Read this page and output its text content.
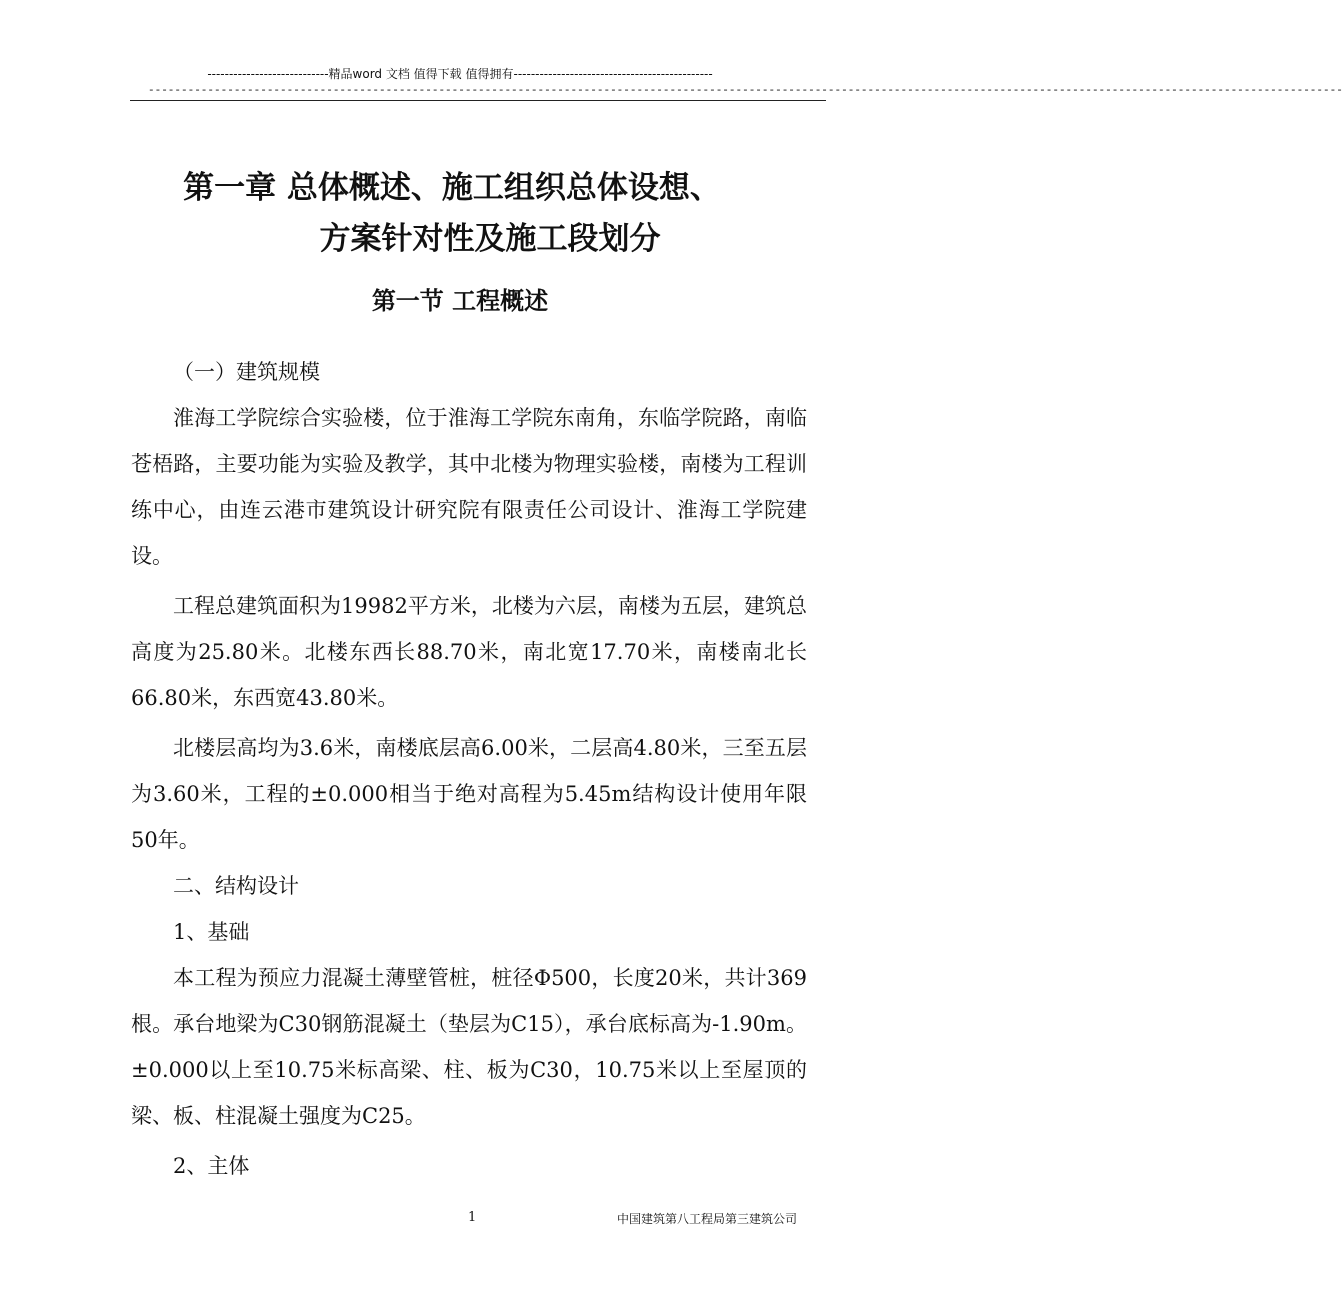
----------------------------精品word 文档 值得下载 值得拥有----------------------------------------------
-------------------------------------------------------------------------------------------------------------------------------------------------------------------------------------
第一章 总体概述、施工组织总体设想、
方案针对性及施工段划分
第一节 工程概述

（一）建筑规模

淮海工学院综合实验楼，位于淮海工学院东南角，东临学院路，南临苍梧路，主要功能为实验及教学，其中北楼为物理实验楼，南楼为工程训练中心，由连云港市建筑设计研究院有限责任公司设计、淮海工学院建设。

工程总建筑面积为19982平方米，北楼为六层，南楼为五层，建筑总高度为25.80米。北楼东西长88.70米，南北宽17.70米，南楼南北长66.80米，东西宽43.80米。

北楼层高均为3.6米，南楼底层高6.00米，二层高4.80米，三至五层为3.60米，工程的±0.000相当于绝对高程为5.45m结构设计使用年限50年。

二、结构设计

1、基础

本工程为预应力混凝土薄壁管桩，桩径Φ500，长度20米，共计369根。承台地梁为C30钢筋混凝土（垫层为C15），承台底标高为-1.90m。±0.000以上至10.75米标高梁、柱、板为C30，10.75米以上至屋顶的梁、板、柱混凝土强度为C25。

2、主体

1	中国建筑第八工程局第三建筑公司
